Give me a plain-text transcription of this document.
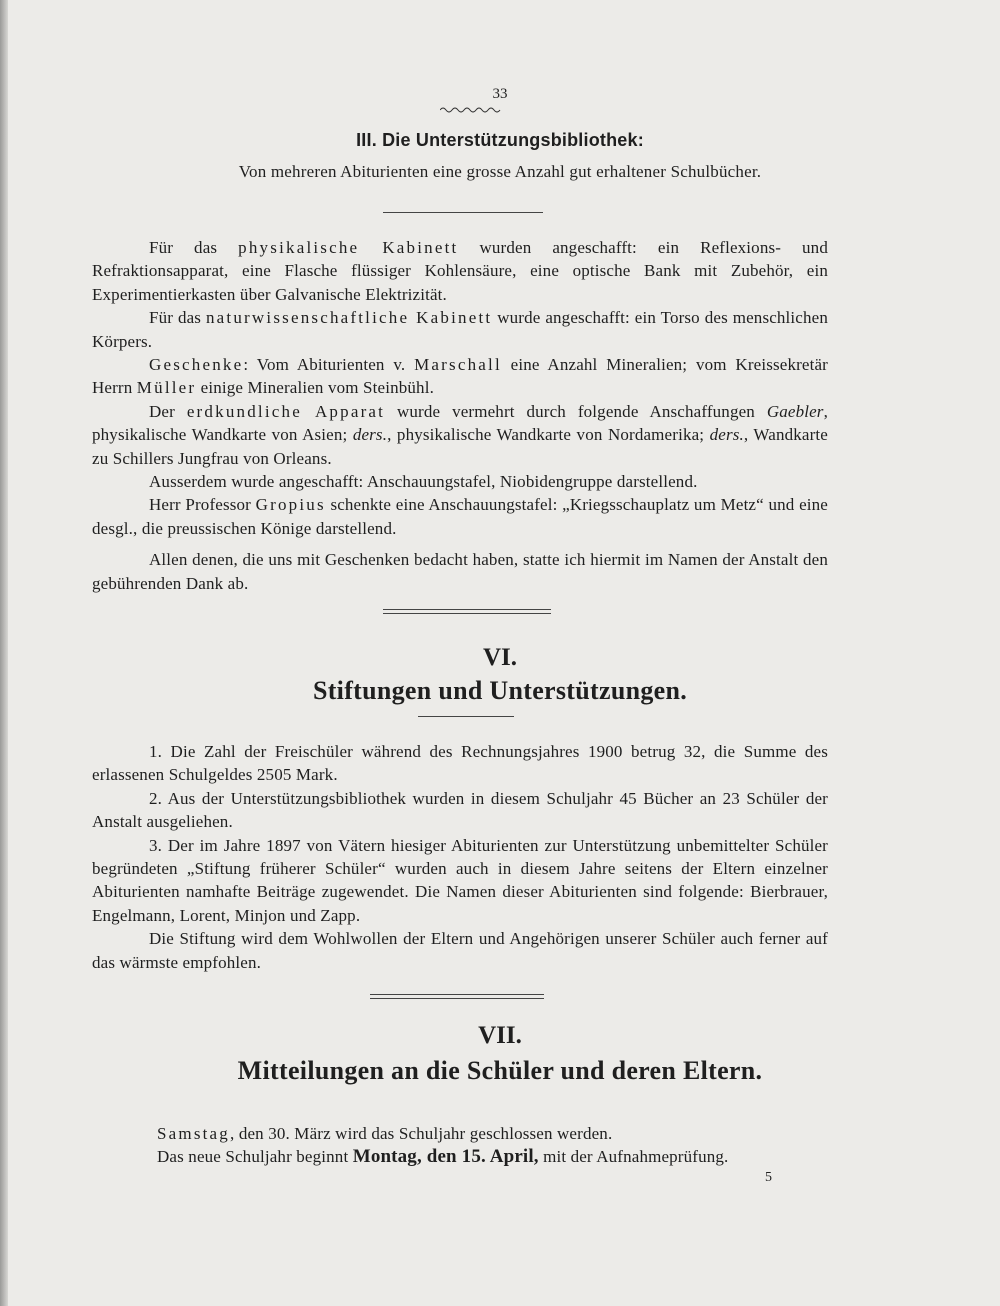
33
III. Die Unterstützungsbibliothek:
Von mehreren Abiturienten eine grosse Anzahl gut erhaltener Schulbücher.

Für das physikalische Kabinett wurden angeschafft: ein Reflexions- und Refraktionsapparat, eine Flasche flüssiger Kohlensäure, eine optische Bank mit Zubehör, ein Experimentierkasten über Galvanische Elektrizität.

Für das naturwissenschaftliche Kabinett wurde angeschafft: ein Torso des menschlichen Körpers.

Geschenke: Vom Abiturienten v. Marschall eine Anzahl Mineralien; vom Kreissekretär Herrn Müller einige Mineralien vom Steinbühl.

Der erdkundliche Apparat wurde vermehrt durch folgende Anschaffungen Gaebler, physikalische Wandkarte von Asien; ders., physikalische Wandkarte von Nordamerika; ders., Wandkarte zu Schillers Jungfrau von Orleans.

Ausserdem wurde angeschafft: Anschauungstafel, Niobidengruppe darstellend.

Herr Professor Gropius schenkte eine Anschauungstafel: „Kriegsschauplatz um Metz“ und eine desgl., die preussischen Könige darstellend.

Allen denen, die uns mit Geschenken bedacht haben, statte ich hiermit im Namen der Anstalt den gebührenden Dank ab.

VI.
Stiftungen und Unterstützungen.

1. Die Zahl der Freischüler während des Rechnungsjahres 1900 betrug 32, die Summe des erlassenen Schulgeldes 2505 Mark.

2. Aus der Unterstützungsbibliothek wurden in diesem Schuljahr 45 Bücher an 23 Schüler der Anstalt ausgeliehen.

3. Der im Jahre 1897 von Vätern hiesiger Abiturienten zur Unterstützung unbemittelter Schüler begründeten „Stiftung früherer Schüler“ wurden auch in diesem Jahre seitens der Eltern einzelner Abiturienten namhafte Beiträge zugewendet. Die Namen dieser Abiturienten sind folgende: Bierbrauer, Engelmann, Lorent, Minjon und Zapp.

Die Stiftung wird dem Wohlwollen der Eltern und Angehörigen unserer Schüler auch ferner auf das wärmste empfohlen.

VII.
Mitteilungen an die Schüler und deren Eltern.

Samstag, den 30. März wird das Schuljahr geschlossen werden.

Das neue Schuljahr beginnt Montag, den 15. April, mit der Aufnahmeprüfung.

5
